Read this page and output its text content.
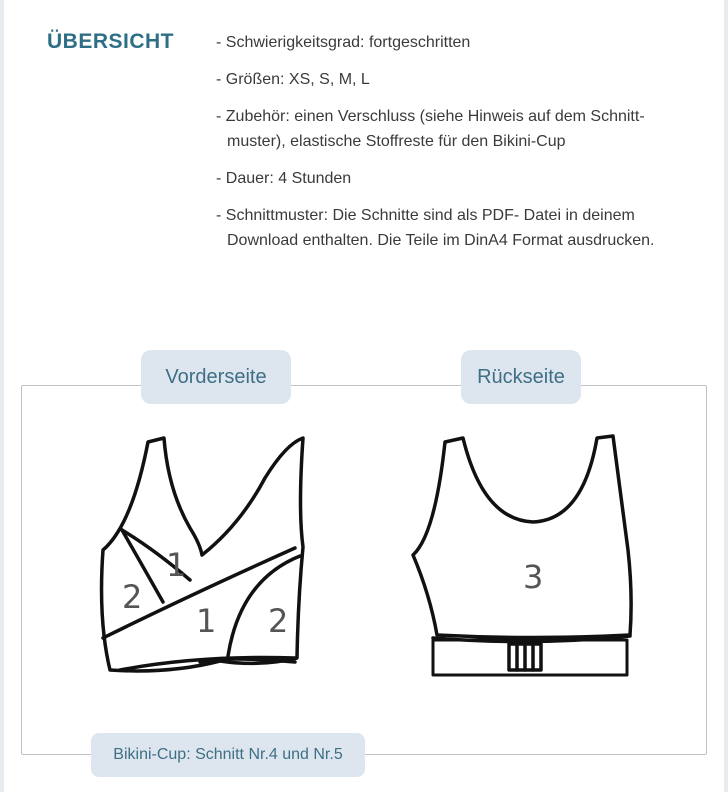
ÜBERSICHT	- Schwierigkeitsgrad: fortgeschritten
- Größen: XS, S, M, L
- Zubehör: einen Verschluss (siehe Hinweis auf dem Schnitt-muster), elastische Stoffreste für den Bikini-Cup
- Dauer: 4 Stunden
- Schnittmuster: Die Schnitte sind als PDF- Datei in deinem Download enthalten. Die Teile im DinA4 Format ausdrucken.
Vorderseite	Rückseite
1
1
2
2
3
Bikini-Cup: Schnitt Nr.4 und Nr.5
